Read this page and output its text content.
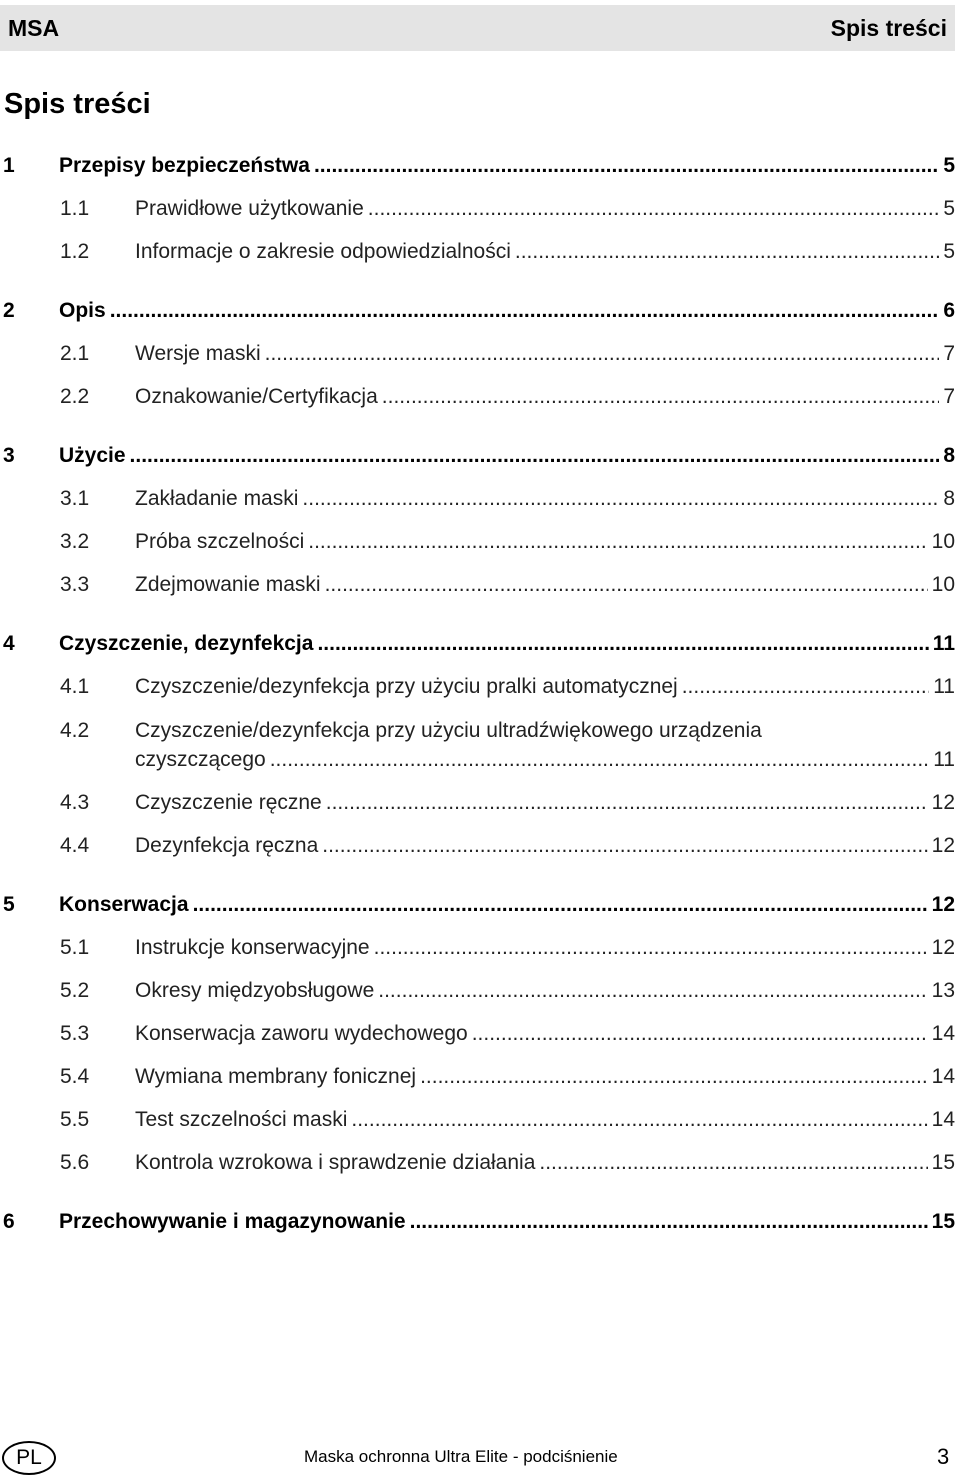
MSA	Spis treści
Spis treści
1 Przepisy bezpieczeństwa .....	5
1.1 Prawidłowe użytkowanie .....	5
1.2 Informacje o zakresie odpowiedzialności .....	5
2 Opis .....	6
2.1 Wersje maski .....	7
2.2 Oznakowanie/Certyfikacja .....	7
3 Użycie .....	8
3.1 Zakładanie maski .....	8
3.2 Próba szczelności .....	10
3.3 Zdejmowanie maski .....	10
4 Czyszczenie, dezynfekcja .....	11
4.1 Czyszczenie/dezynfekcja przy użyciu pralki automatycznej .....	11
4.2 Czyszczenie/dezynfekcja przy użyciu ultradźwiękowego urządzenia
czyszczącego .....	11
4.3 Czyszczenie ręczne .....	12
4.4 Dezynfekcja ręczna .....	12
5 Konserwacja .....	12
5.1 Instrukcje konserwacyjne .....	12
5.2 Okresy międzyobsługowe .....	13
5.3 Konserwacja zaworu wydechowego .....	14
5.4 Wymiana membrany fonicznej .....	14
5.5 Test szczelności maski .....	14
5.6 Kontrola wzrokowa i sprawdzenie działania .....	15
6 Przechowywanie i magazynowanie .....	15
PL	Maska ochronna Ultra Elite - podciśnienie	3
